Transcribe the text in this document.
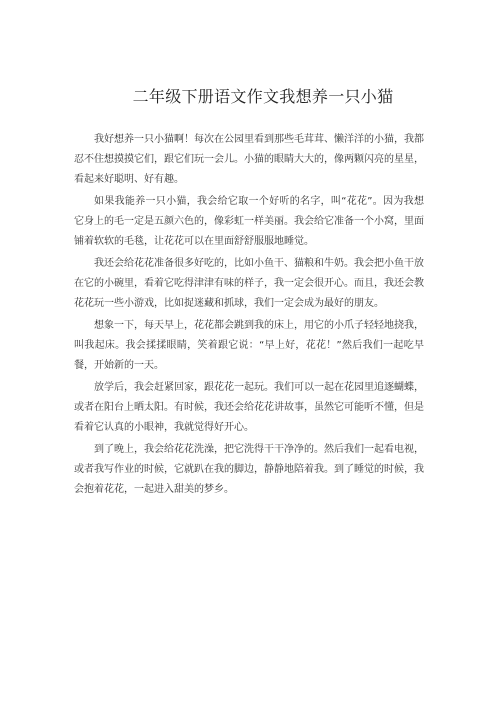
二年级下册语文作文我想养一只小猫

我好想养一只小猫啊！每次在公园里看到那些毛茸茸、懒洋洋的小猫，我都忍不住想摸摸它们，跟它们玩一会儿。小猫的眼睛大大的，像两颗闪亮的星星，看起来好聪明、好有趣。

如果我能养一只小猫，我会给它取一个好听的名字，叫“花花”。因为我想它身上的毛一定是五颜六色的，像彩虹一样美丽。我会给它准备一个小窝，里面铺着软软的毛毯，让花花可以在里面舒舒服服地睡觉。

我还会给花花准备很多好吃的，比如小鱼干、猫粮和牛奶。我会把小鱼干放在它的小碗里，看着它吃得津津有味的样子，我一定会很开心。而且，我还会教花花玩一些小游戏，比如捉迷藏和抓球，我们一定会成为最好的朋友。

想象一下，每天早上，花花都会跳到我的床上，用它的小爪子轻轻地挠我，叫我起床。我会揉揉眼睛，笑着跟它说：“早上好，花花！”然后我们一起吃早餐，开始新的一天。

放学后，我会赶紧回家，跟花花一起玩。我们可以一起在花园里追逐蝴蝶，或者在阳台上晒太阳。有时候，我还会给花花讲故事，虽然它可能听不懂，但是看着它认真的小眼神，我就觉得好开心。

到了晚上，我会给花花洗澡，把它洗得干干净净的。然后我们一起看电视，或者我写作业的时候，它就趴在我的脚边，静静地陪着我。到了睡觉的时候，我会抱着花花，一起进入甜美的梦乡。
